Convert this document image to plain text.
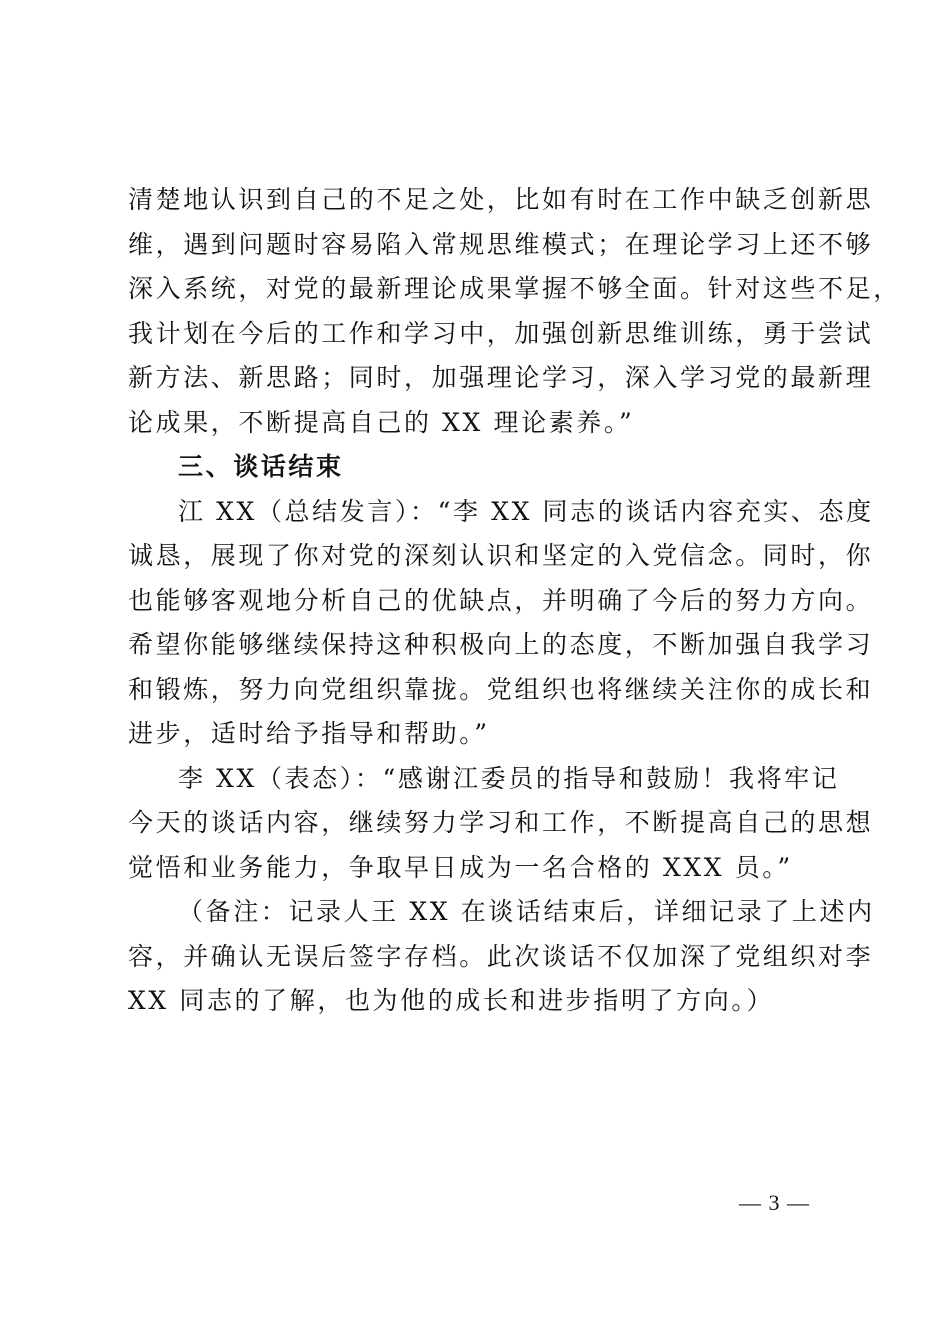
清楚地认识到自己的不足之处，比如有时在工作中缺乏创新思
维，遇到问题时容易陷入常规思维模式；在理论学习上还不够
深入系统，对党的最新理论成果掌握不够全面。针对这些不足，
我计划在今后的工作和学习中，加强创新思维训练，勇于尝试
新方法、新思路；同时，加强理论学习，深入学习党的最新理
论成果，不断提高自己的 XX 理论素养。”

三、谈话结束

江 XX（总结发言）：“李 XX 同志的谈话内容充实、态度
诚恳，展现了你对党的深刻认识和坚定的入党信念。同时，你
也能够客观地分析自己的优缺点，并明确了今后的努力方向。
希望你能够继续保持这种积极向上的态度，不断加强自我学习
和锻炼，努力向党组织靠拢。党组织也将继续关注你的成长和
进步，适时给予指导和帮助。”

李 XX（表态）：“感谢江委员的指导和鼓励！我将牢记
今天的谈话内容，继续努力学习和工作，不断提高自己的思想
觉悟和业务能力，争取早日成为一名合格的 XXX 员。”

（备注：记录人王 XX 在谈话结束后，详细记录了上述内
容，并确认无误后签字存档。此次谈话不仅加深了党组织对李
XX 同志的了解，也为他的成长和进步指明了方向。）

— 3 —
